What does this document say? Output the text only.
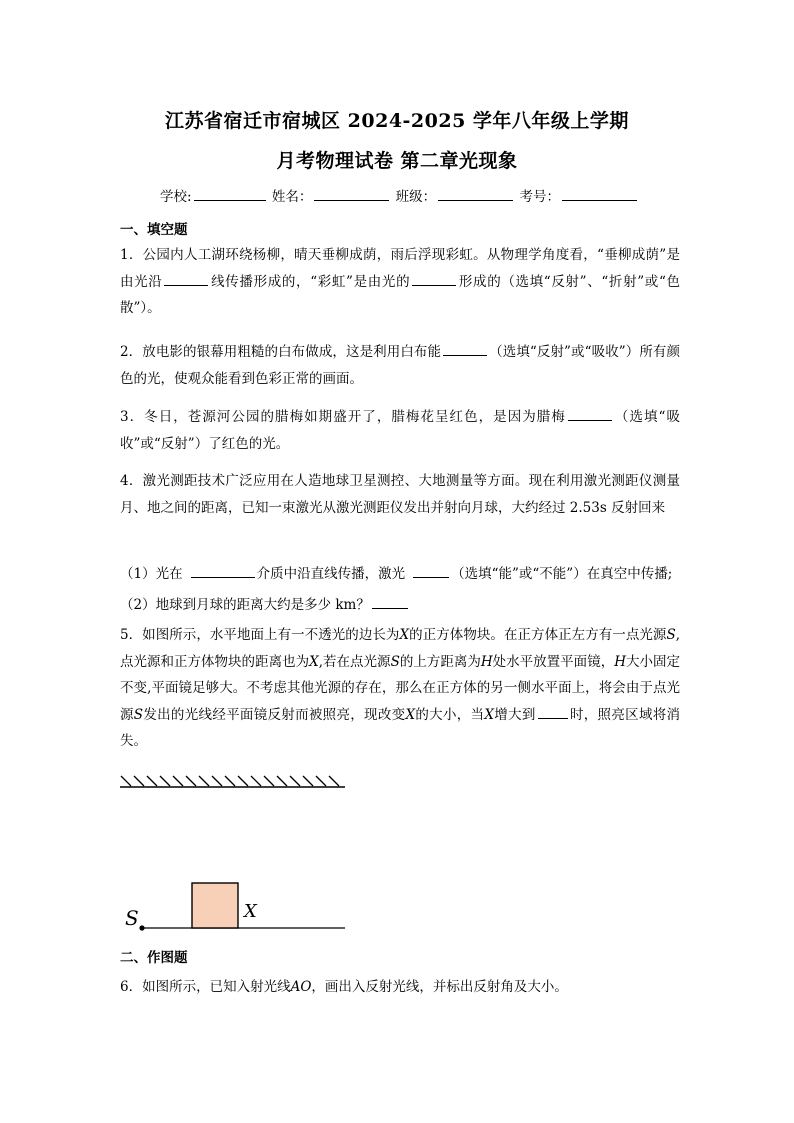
江苏省宿迁市宿城区 2024-2025 学年八年级上学期
月考物理试卷 第二章光现象
学校:	姓名：	班级：	考号：
一、填空题
1．公园内人工湖环绕杨柳，晴天垂柳成荫，雨后浮现彩虹。从物理学角度看，“垂柳成荫”是由光沿	线传播形成的，“彩虹”是由光的	形成的（选填“反射”、“折射”或“色散”）。
2．放电影的银幕用粗糙的白布做成，这是利用白布能	（选填“反射”或“吸收”）所有颜色的光，使观众能看到色彩正常的画面。
3．冬日，苍源河公园的腊梅如期盛开了，腊梅花呈红色，是因为腊梅	（选填“吸收”或“反射”）了红色的光。
4．激光测距技术广泛应用在人造地球卫星测控、大地测量等方面。现在利用激光测距仪测量月、地之间的距离，已知一束激光从激光测距仪发出并射向月球，大约经过 2.53s 反射回来
（1）光在	介质中沿直线传播，激光	（选填“能”或“不能”）在真空中传播;
（2）地球到月球的距离大约是多少 km？
5．如图所示，水平地面上有一不透光的边长为X的正方体物块。在正方体正左方有一点光源S,点光源和正方体物块的距离也为X,若在点光源S的上方距离为H处水平放置平面镜，H大小固定不变,平面镜足够大。不考虑其他光源的存在，那么在正方体的另一侧水平面上，将会由于点光源S发出的光线经平面镜反射而被照亮，现改变X的大小，当X增大到	时，照亮区域将消失。
S	X
二、作图题
6．如图所示，已知入射光线AO，画出入反射光线，并标出反射角及大小。
